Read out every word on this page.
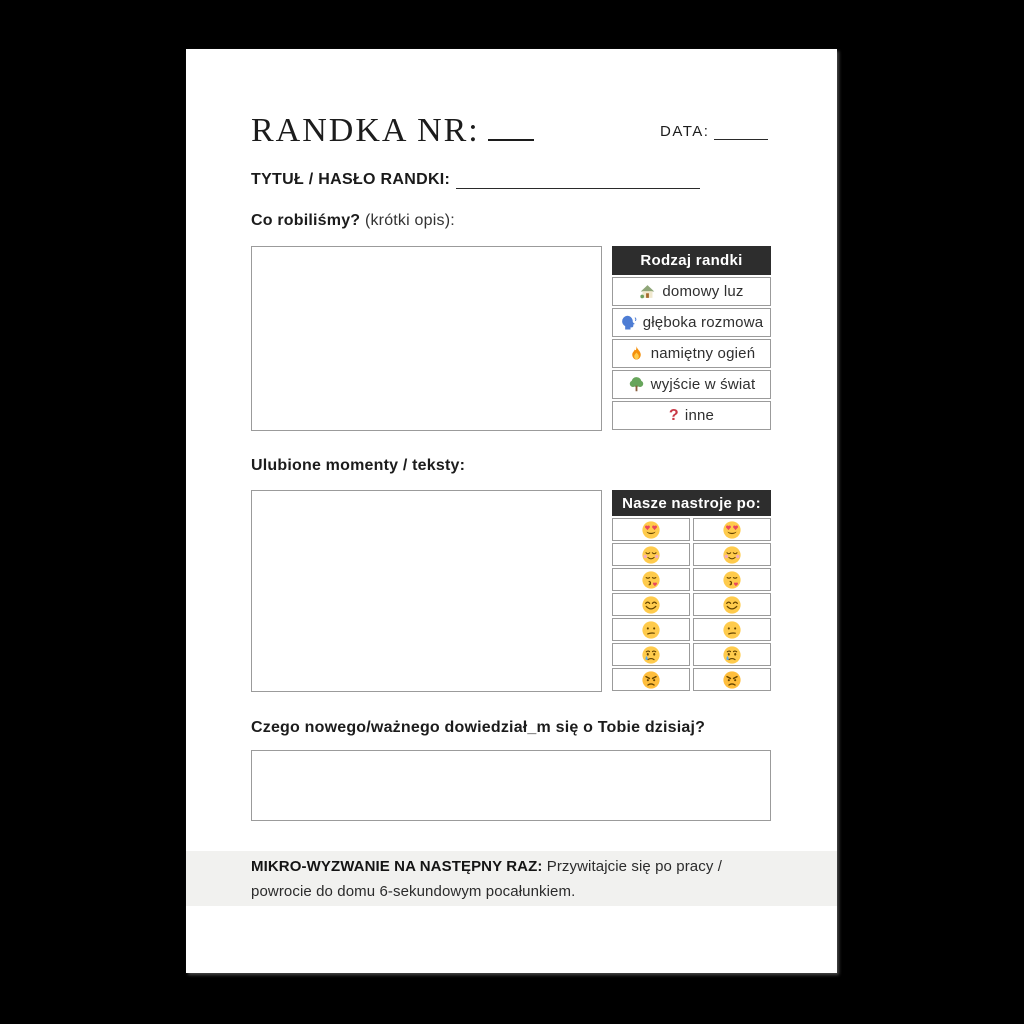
RANDKA NR:	DATA:
TYTUŁ / HASŁO RANDKI:

Co robiliśmy? (krótki opis):

Rodzaj randki
domowy luz
głęboka rozmowa
namiętny ogień
wyjście w świat
? inne

Ulubione momenty / teksty:

Nasze nastroje po:

Czego nowego/ważnego dowiedział_m się o Tobie dzisiaj?

MIKRO-WYZWANIE NA NASTĘPNY RAZ: Przywitajcie się po pracy / powrocie do domu 6-sekundowym pocałunkiem.
